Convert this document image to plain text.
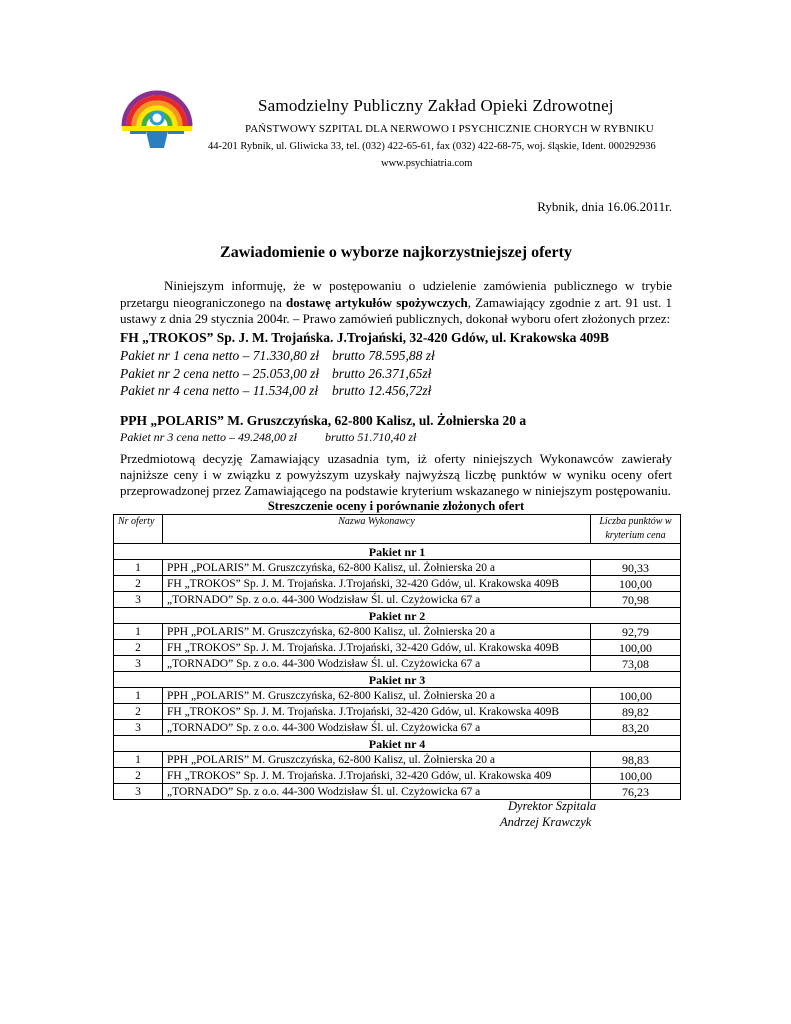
Samodzielny Publiczny Zakład Opieki Zdrowotnej
PAŃSTWOWY SZPITAL DLA NERWOWO I PSYCHICZNIE CHORYCH W RYBNIKU
44-201 Rybnik, ul. Gliwicka 33, tel. (032) 422-65-61, fax (032) 422-68-75, woj. śląskie, Ident. 000292936
www.psychiatria.com
Rybnik, dnia 16.06.2011r.
Zawiadomienie o wyborze najkorzystniejszej oferty
Niniejszym informuję, że w postępowaniu o udzielenie zamówienia publicznego w trybie przetargu nieograniczonego na dostawę artykułów spożywczych, Zamawiający zgodnie z art. 91 ust. 1 ustawy z dnia 29 stycznia 2004r. – Prawo zamówień publicznych, dokonał wyboru ofert złożonych przez:
FH „TROKOS” Sp. J. M. Trojańska. J.Trojański, 32-420 Gdów, ul. Krakowska 409B
Pakiet nr 1 cena netto – 71.330,80 zł brutto 78.595,88 zł
Pakiet nr 2 cena netto – 25.053,00 zł brutto 26.371,65zł
Pakiet nr 4 cena netto – 11.534,00 zł brutto 12.456,72zł
PPH „POLARIS” M. Gruszczyńska, 62-800 Kalisz, ul. Żołnierska 20 a
Pakiet nr 3 cena netto – 49.248,00 zł brutto 51.710,40 zł
Przedmiotową decyzję Zamawiający uzasadnia tym, iż oferty niniejszych Wykonawców zawierały najniższe ceny i w związku z powyższym uzyskały najwyższą liczbę punktów w wyniku oceny ofert przeprowadzonej przez Zamawiającego na podstawie kryterium wskazanego w niniejszym postępowaniu.
Streszczenie oceny i porównanie złożonych ofert
Nr oferty	Nazwa Wykonawcy	Liczba punktów w kryterium cena
Pakiet nr 1		
1	PPH „POLARIS” M. Gruszczyńska, 62-800 Kalisz, ul. Żołnierska 20 a	90,33
2	FH „TROKOS” Sp. J. M. Trojańska. J.Trojański, 32-420 Gdów, ul. Krakowska 409B	100,00
3	„TORNADO” Sp. z o.o. 44-300 Wodzisław Śl. ul. Czyżowicka 67 a	70,98
Pakiet nr 2		
1	PPH „POLARIS” M. Gruszczyńska, 62-800 Kalisz, ul. Żołnierska 20 a	92,79
2	FH „TROKOS” Sp. J. M. Trojańska. J.Trojański, 32-420 Gdów, ul. Krakowska 409B	100,00
3	„TORNADO” Sp. z o.o. 44-300 Wodzisław Śl. ul. Czyżowicka 67 a	73,08
Pakiet nr 3		
1	PPH „POLARIS” M. Gruszczyńska, 62-800 Kalisz, ul. Żołnierska 20 a	100,00
2	FH „TROKOS” Sp. J. M. Trojańska. J.Trojański, 32-420 Gdów, ul. Krakowska 409B	89,82
3	„TORNADO” Sp. z o.o. 44-300 Wodzisław Śl. ul. Czyżowicka 67 a	83,20
Pakiet nr 4		
1	PPH „POLARIS” M. Gruszczyńska, 62-800 Kalisz, ul. Żołnierska 20 a	98,83
2	FH „TROKOS” Sp. J. M. Trojańska. J.Trojański, 32-420 Gdów, ul. Krakowska 409	100,00
3	„TORNADO” Sp. z o.o. 44-300 Wodzisław Śl. ul. Czyżowicka 67 a	76,23
Dyrektor Szpitala
Andrzej Krawczyk
